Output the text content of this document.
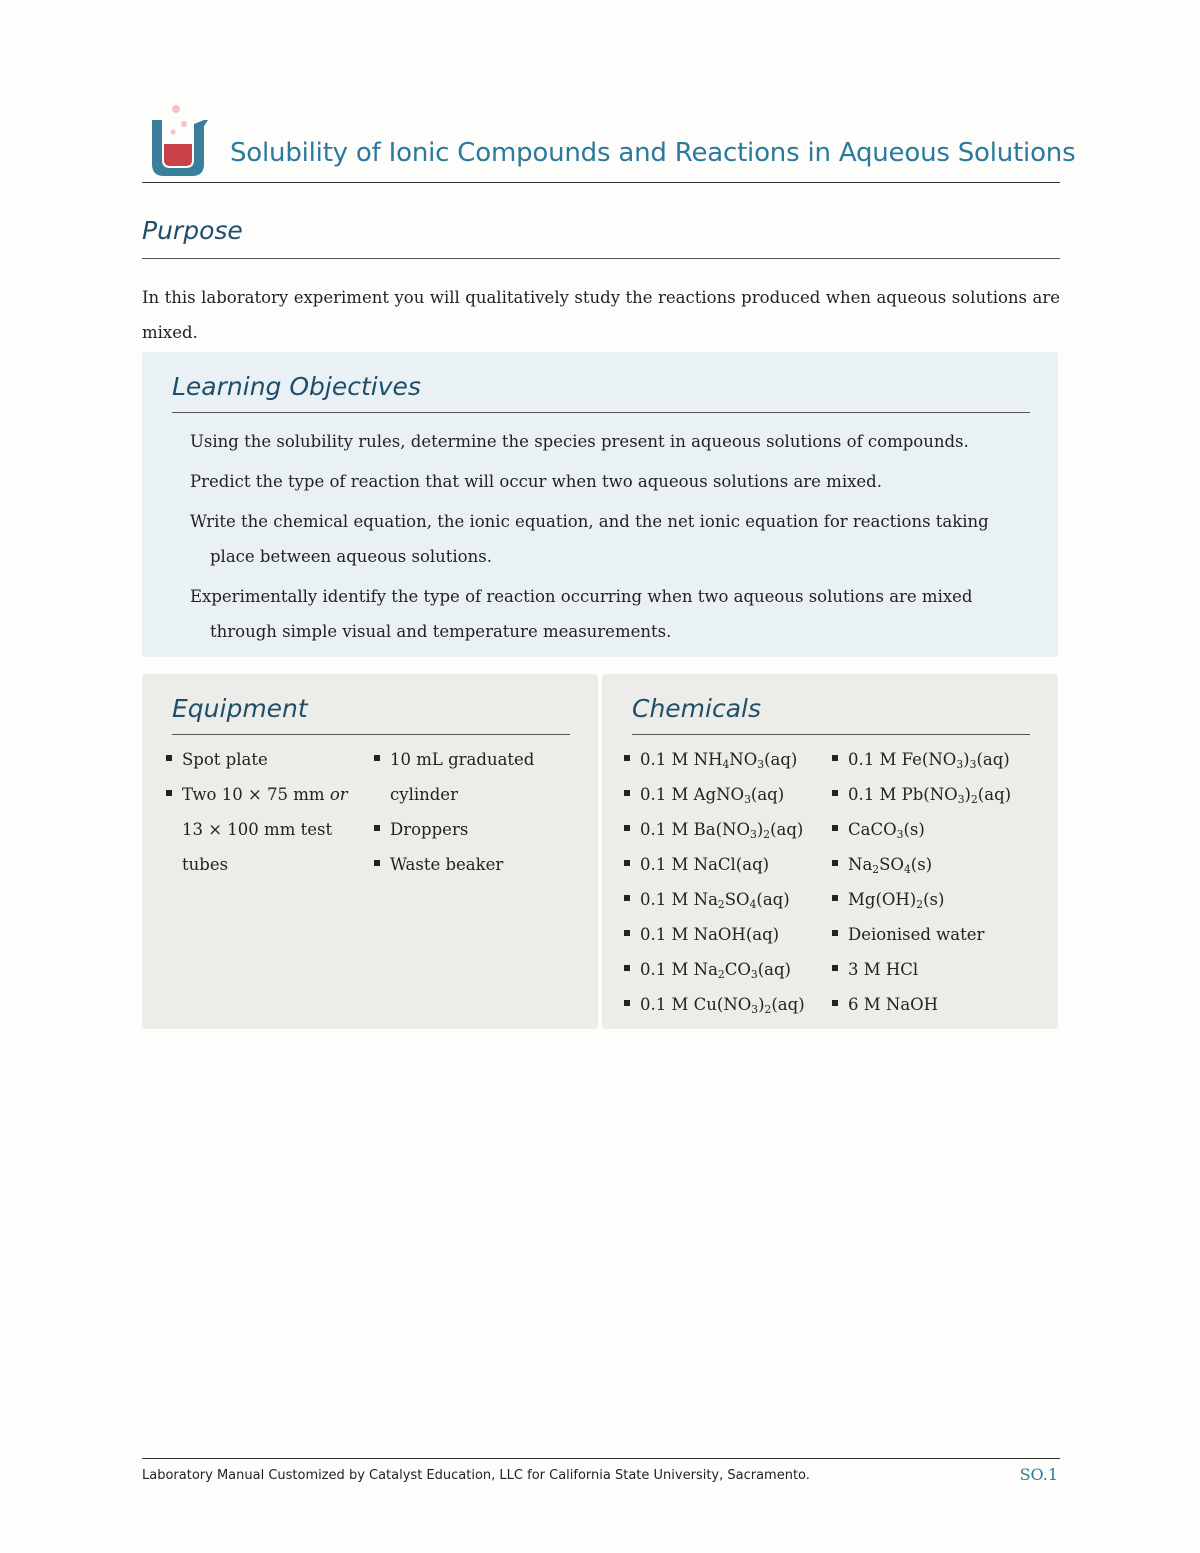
Solubility of Ionic Compounds and Reactions in Aqueous Solutions
Purpose
In this laboratory experiment you will qualitatively study the reactions produced when aqueous solutions are mixed.
Learning Objectives
Using the solubility rules, determine the species present in aqueous solutions of compounds.
Predict the type of reaction that will occur when two aqueous solutions are mixed.
Write the chemical equation, the ionic equation, and the net ionic equation for reactions taking place between aqueous solutions.
Experimentally identify the type of reaction occurring when two aqueous solutions are mixed through simple visual and temperature measurements.
Equipment
Spot plate
Two 10 × 75 mm or
13 × 100 mm test
tubes
10 mL graduated
cylinder
Droppers
Waste beaker
Chemicals
0.1 M $NH_4NO_3(aq)$
0.1 M AgNO$_3$(aq)
0.1 M $Ba(NO_3)_2(aq)$
0.1 M NaCl(aq)
0.1 M $Na_2SO_4(aq)$
0.1 M NaOH(aq)
0.1 M $Na_2CO_3(aq)$
0.1 M $Cu(NO_3)_2(aq)$
0.1 M $Fe(NO_3)_3(aq)$
0.1 M $Pb(NO_3)_2(aq)$
CaCO$_3$(s)
$Na_2SO_4(s)$
$Mg(OH)_2(s)$
Deionised water
3 M HCl
6 M NaOH
Laboratory Manual Customized by Catalyst Education, LLC for California State University, Sacramento.	SO.1
